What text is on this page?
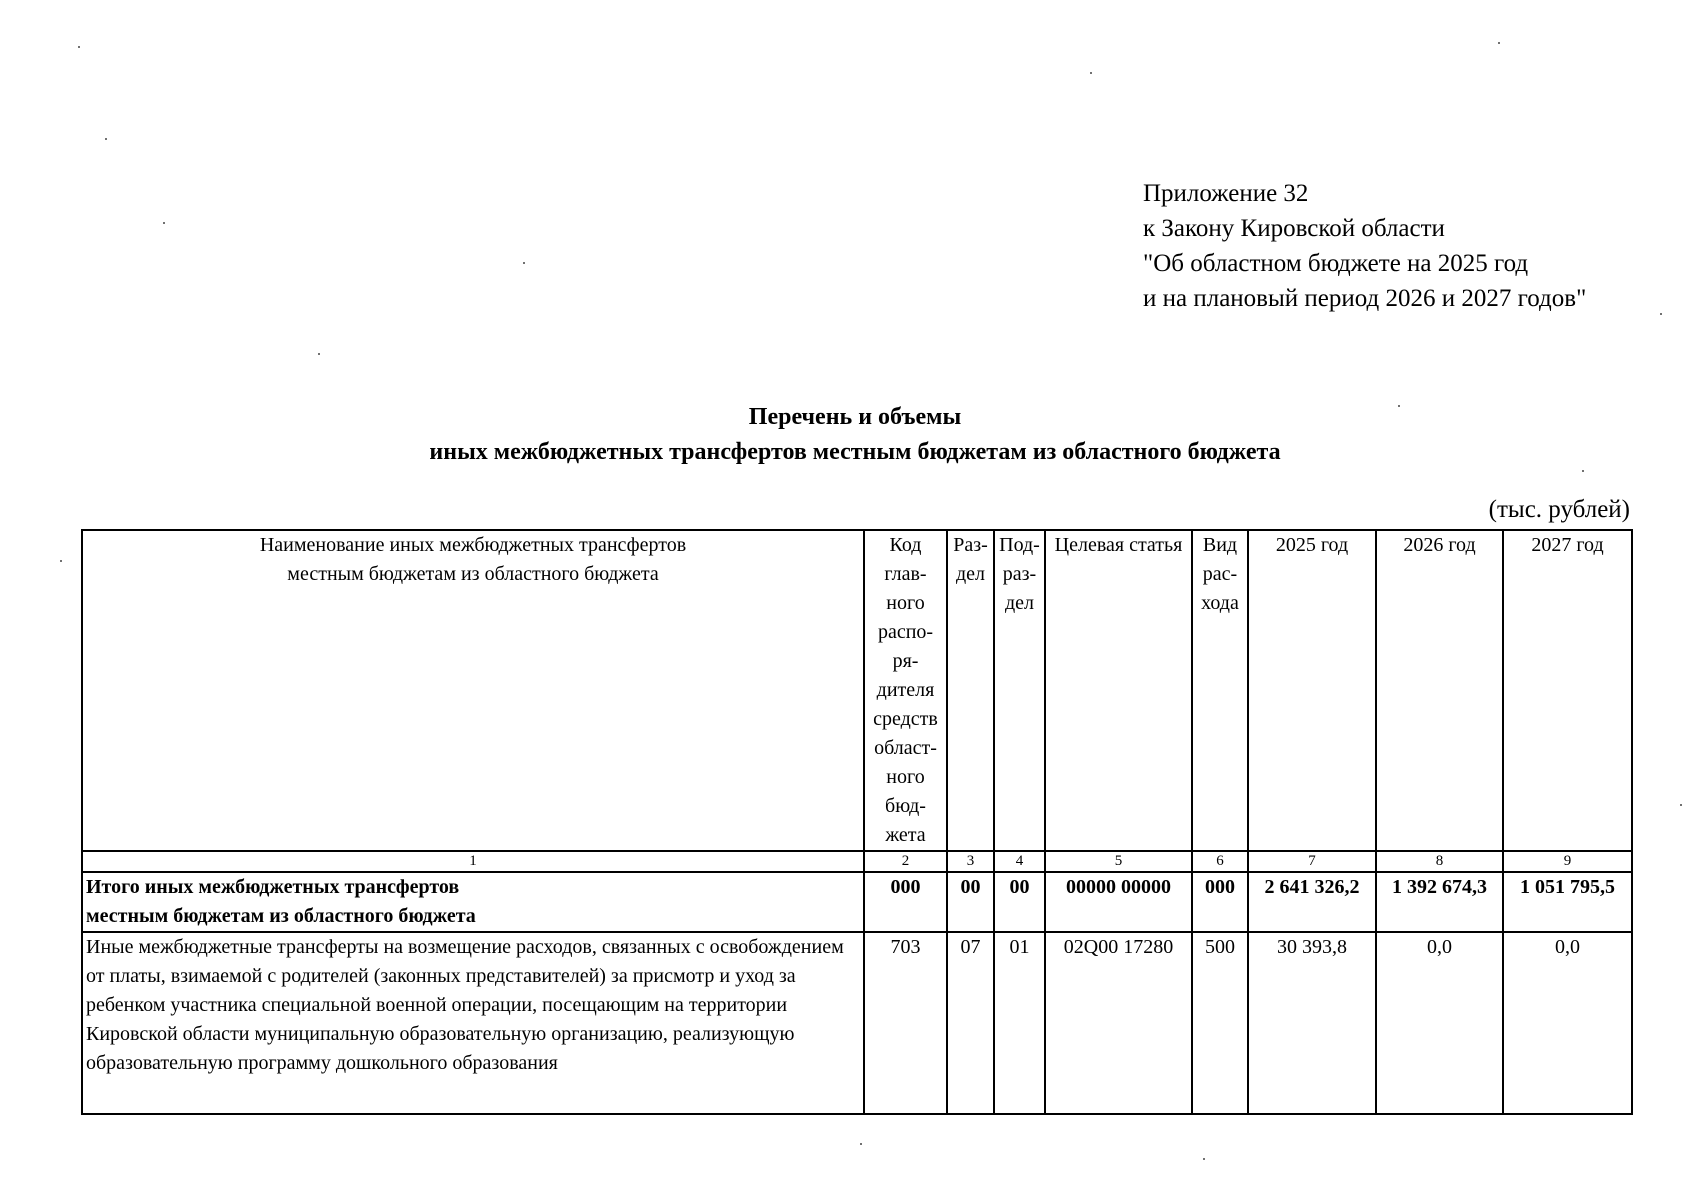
Приложение 32
к Закону Кировской области
"Об областном бюджете на 2025 год
и на плановый период 2026 и 2027 годов"
Перечень и объемы
иных межбюджетных трансфертов местным бюджетам из областного бюджета
(тыс. рублей)
Наименование иных межбюджетных трансфертов
местным бюджетам из областного бюджета	Код глав- ного распо- ря- дителя средств област- ного бюд- жета	Раз- дел	Под- раз- дел	Целевая статья	Вид рас- хода	2025 год	2026 год	2027 год
1	2	3	4	5	6	7	8	9

Итого иных межбюджетных трансфертов
местным бюджетам из областного бюджета	000	00	00	00000 00000	000	2 641 326,2	1 392 674,3	1 051 795,5
Иные межбюджетные трансферты на возмещение расходов, связанных с освобождением от платы, взимаемой с родителей (законных представителей) за присмотр и уход за ребенком участника специальной военной операции, посещающим на территории Кировской области муниципальную образовательную организацию, реализующую образовательную программу дошкольного образования	703	07	01	02Q00 17280	500	30 393,8	0,0	0,0
